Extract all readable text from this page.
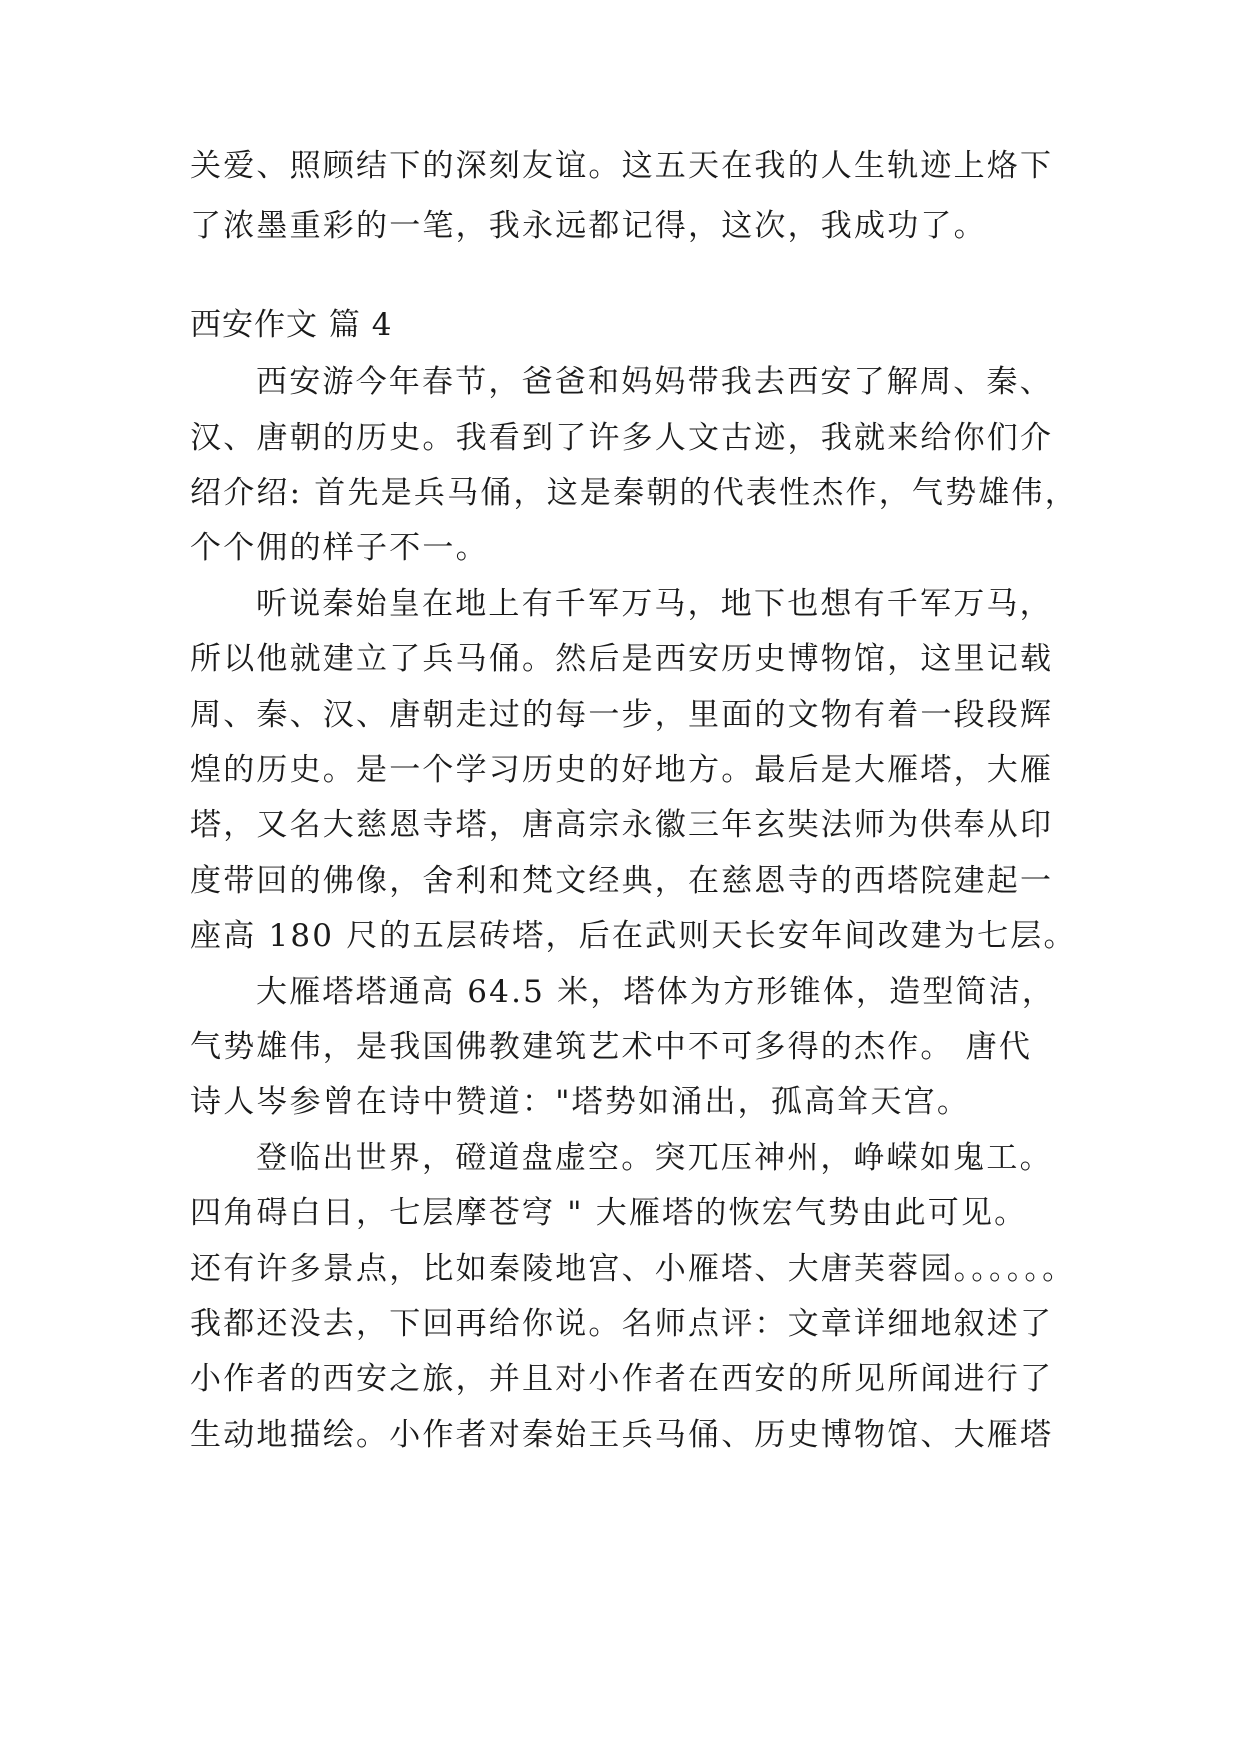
关爱、照顾结下的深刻友谊。这五天在我的人生轨迹上烙下
了浓墨重彩的一笔，我永远都记得，这次，我成功了。
西安作文 篇 4
西安游今年春节，爸爸和妈妈带我去西安了解周、秦、
汉、唐朝的历史。我看到了许多人文古迹，我就来给你们介
绍介绍: 首先是兵马俑，这是秦朝的代表性杰作，气势雄伟，
个个佣的样子不一。
听说秦始皇在地上有千军万马，地下也想有千军万马，
所以他就建立了兵马俑。然后是西安历史博物馆，这里记载
周、秦、汉、唐朝走过的每一步，里面的文物有着一段段辉
煌的历史。是一个学习历史的好地方。最后是大雁塔，大雁
塔，又名大慈恩寺塔，唐高宗永徽三年玄奘法师为供奉从印
度带回的佛像，舍利和梵文经典，在慈恩寺的西塔院建起一
座高 180 尺的五层砖塔，后在武则天长安年间改建为七层。
大雁塔塔通高 64.5 米，塔体为方形锥体，造型简洁，
气势雄伟，是我国佛教建筑艺术中不可多得的杰作。 唐代
诗人岑参曾在诗中赞道："塔势如涌出，孤高耸天宫。
登临出世界，磴道盘虚空。突兀压神州，峥嵘如鬼工。
四角碍白日，七层摩苍穹 " 大雁塔的恢宏气势由此可见。
还有许多景点，比如秦陵地宫、小雁塔、大唐芙蓉园。。。。。。
我都还没去，下回再给你说。名师点评：文章详细地叙述了
小作者的西安之旅，并且对小作者在西安的所见所闻进行了
生动地描绘。小作者对秦始王兵马俑、历史博物馆、大雁塔
